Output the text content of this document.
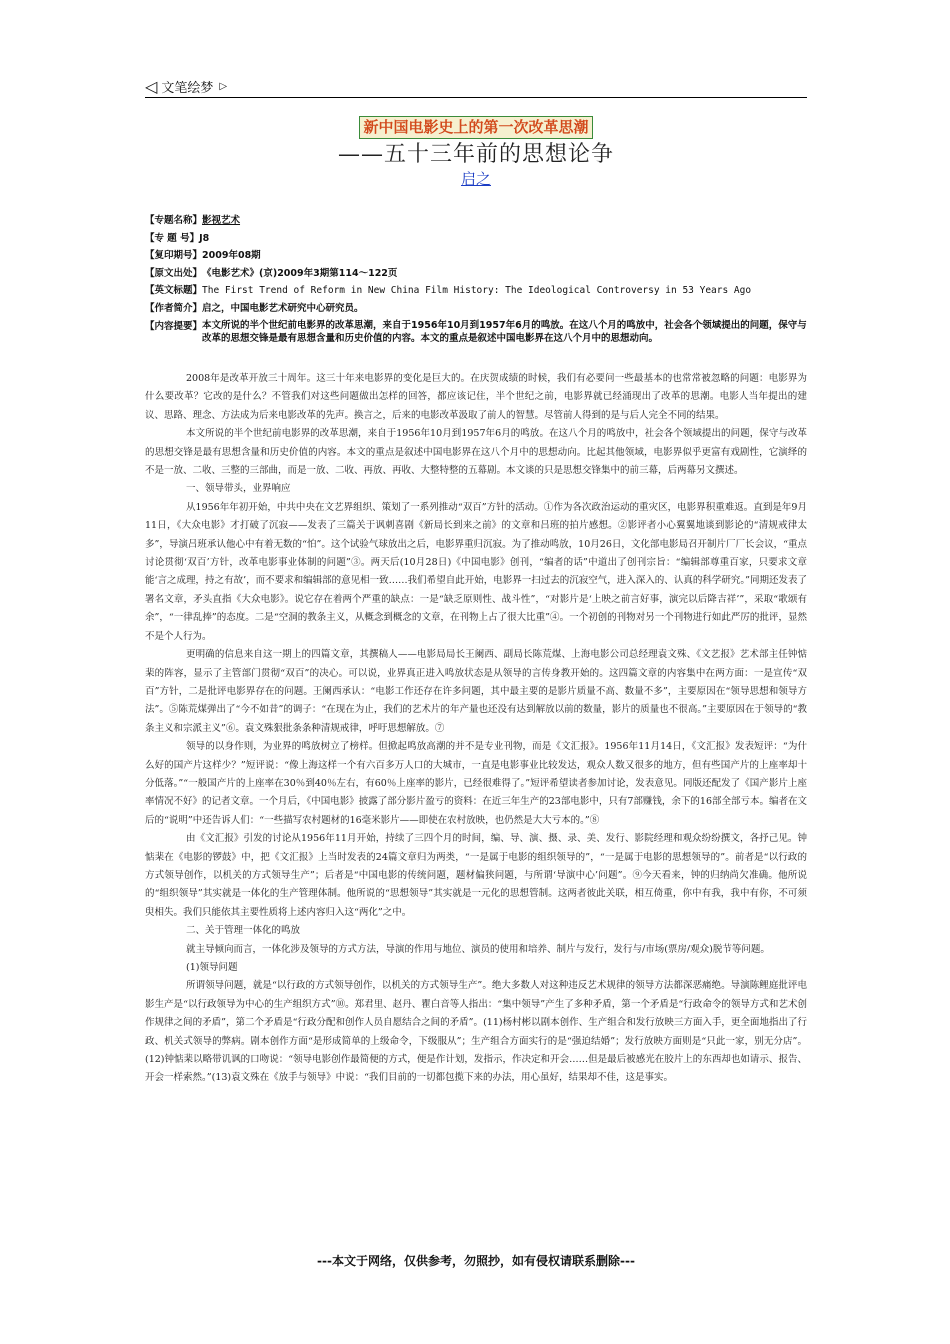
◁ 文笔绘梦 ▷
新中国电影史上的第一次改革思潮
——五十三年前的思想论争
启之
【专题名称】 影视艺术
【专 题 号】 J8
【复印期号】 2009年08期
【原文出处】 《电影艺术》(京)2009年3期第114～122页
【英文标题】 The First Trend of Reform in New China Film History: The Ideological Controversy in 53 Years Ago
【作者简介】 启之，中国电影艺术研究中心研究员。
【内容提要】 本文所说的半个世纪前电影界的改革思潮，来自于1956年10月到1957年6月的鸣放。在这八个月的鸣放中，社会各个领域提出的问题，保守与改革的思想交锋是最有思想含量和历史价值的内容。本文的重点是叙述中国电影界在这八个月中的思想动向。

2008年是改革开放三十周年。这三十年来电影界的变化是巨大的。在庆贺成绩的时候，我们有必要问一些最基本的也常常被忽略的问题：电影界为什么要改革？它改的是什么？不管我们对这些问题做出怎样的回答，都应该记住，半个世纪之前，电影界就已经涌现出了改革的思潮。电影人当年提出的建议、思路、理念、方法成为后来电影改革的先声。换言之，后来的电影改革汲取了前人的智慧。尽管前人得到的是与后人完全不同的结果。

本文所说的半个世纪前电影界的改革思潮，来自于1956年10月到1957年6月的鸣放。在这八个月的鸣放中，社会各个领域提出的问题，保守与改革的思想交锋是最有思想含量和历史价值的内容。本文的重点是叙述中国电影界在这八个月中的思想动向。比起其他领域，电影界似乎更富有戏剧性，它演绎的不是一放、二收、三整的三部曲，而是一放、二收、再放、再收、大整特整的五幕剧。本文谈的只是思想交锋集中的前三幕，后两幕另文撰述。

一、领导带头，业界响应

从1956年年初开始，中共中央在文艺界组织、策划了一系列推动“双百”方针的活动。①作为各次政治运动的重灾区，电影界积重难返。直到是年9月11日，《大众电影》才打破了沉寂——发表了三篇关于讽刺喜剧《新局长到来之前》的文章和吕班的拍片感想。②影评者小心翼翼地谈到影论的“清规戒律太多”，导演吕班承认他心中有着无数的“怕”。这个试验气球放出之后，电影界重归沉寂。为了推动鸣放，10月26日，文化部电影局召开制片厂厂长会议，“重点讨论贯彻‘双百’方针，改革电影事业体制的问题”③。两天后(10月28日)《中国电影》创刊，“编者的话”中道出了创刊宗旨：“编辑部尊重百家，只要求文章能‘言之成理，持之有故’，而不要求和编辑部的意见相一致……我们希望自此开始，电影界一扫过去的沉寂空气，进入深入的、认真的科学研究。”同期还发表了署名文章，矛头直指《大众电影》。说它存在着两个严重的缺点：一是“缺乏原则性、战斗性”，“对影片是‘上映之前言好事，演完以后降吉祥’”，采取“歌颂有余”，“一律乱捧”的态度。二是“空洞的教条主义，从概念到概念的文章，在刊物上占了很大比重”④。一个初创的刊物对另一个刊物进行如此严厉的批评，显然不是个人行为。

更明确的信息来自这一期上的四篇文章，其撰稿人——电影局局长王阑西、副局长陈荒煤、上海电影公司总经理袁文殊、《文艺报》艺术部主任钟惦棐的阵容，显示了主管部门贯彻“双百”的决心。可以说，业界真正进入鸣放状态是从领导的言传身教开始的。这四篇文章的内容集中在两方面：一是宣传“双百”方针，二是批评电影界存在的问题。王阑西承认：“电影工作还存在许多问题，其中最主要的是影片质量不高、数量不多”，主要原因在“领导思想和领导方法”。⑤陈荒煤弹出了“今不如昔”的调子：“在现在为止，我们的艺术片的年产量也还没有达到解放以前的数量，影片的质量也不很高。”主要原因在于领导的“教条主义和宗派主义”⑥。袁文殊狠批条条种清规戒律，呼吁思想解放。⑦

领导的以身作则，为业界的鸣放树立了榜样。但掀起鸣放高潮的并不是专业刊物，而是《文汇报》。1956年11月14日，《文汇报》发表短评：“为什么好的国产片这样少？”短评说：“像上海这样一个有六百多万人口的大城市，一直是电影事业比较发达，观众人数又很多的地方，但有些国产片的上座率却十分低落。”“一般国产片的上座率在30％到40％左右，有60％上座率的影片，已经很难得了。”短评希望读者参加讨论，发表意见。同版还配发了《国产影片上座率情况不好》的记者文章。一个月后，《中国电影》披露了部分影片盈亏的资料：在近三年生产的23部电影中，只有7部赚钱，余下的16部全部亏本。编者在文后的“说明”中还告诉人们：“一些描写农村题材的16毫米影片——即使在农村放映，也仍然是大大亏本的。”⑧

由《文汇报》引发的讨论从1956年11月开始，持续了三四个月的时间，编、导、演、摄、录、美、发行、影院经理和观众纷纷撰文，各抒己见。钟惦棐在《电影的锣鼓》中，把《文汇报》上当时发表的24篇文章归为两类，“一是属于电影的组织领导的”，“一是属于电影的思想领导的”。前者是“以行政的方式领导创作，以机关的方式领导生产”；后者是“中国电影的传统问题，题材偏狭问题，与所谓‘导演中心’问题”。⑨今天看来，钟的归纳尚欠准确。他所说的“组织领导”其实就是一体化的生产管理体制。他所说的“思想领导”其实就是一元化的思想管制。这两者彼此关联，相互倚重，你中有我，我中有你，不可须臾相失。我们只能依其主要性质将上述内容归入这“两化”之中。

二、关于管理一体化的鸣放

就主导倾向而言，一体化涉及领导的方式方法，导演的作用与地位、演员的使用和培养、制片与发行，发行与/市场(票房/观众)脱节等问题。

(1)领导问题

所谓领导问题，就是“以行政的方式领导创作，以机关的方式领导生产”。绝大多数人对这种违反艺术规律的领导方法都深恶痛绝。导演陈鲤庭批评电影生产是“以行政领导为中心的生产组织方式”⑩。郑君里、赵丹、瞿白音等人指出：“集中领导”产生了多种矛盾，第一个矛盾是“行政命令的领导方式和艺术创作规律之间的矛盾”，第二个矛盾是“行政分配和创作人员自愿结合之间的矛盾”。(11)杨村彬以剧本创作、生产组合和发行放映三方面入手，更全面地指出了行政、机关式领导的弊病。剧本创作方面“是形成简单的上级命令，下级服从”；生产组合方面实行的是“强迫结婚”；发行放映方面则是“只此一家，别无分店”。(12)钟惦棐以略带讥讽的口吻说：“领导电影创作最简便的方式，便是作计划，发指示，作决定和开会……但是最后被感光在胶片上的东西却也如请示、报告、开会一样索然。”(13)袁文殊在《放手与领导》中说：“我们目前的一切都包揽下来的办法，用心虽好，结果却不佳，这是事实。

---本文于网络，仅供参考，勿照抄，如有侵权请联系删除---
